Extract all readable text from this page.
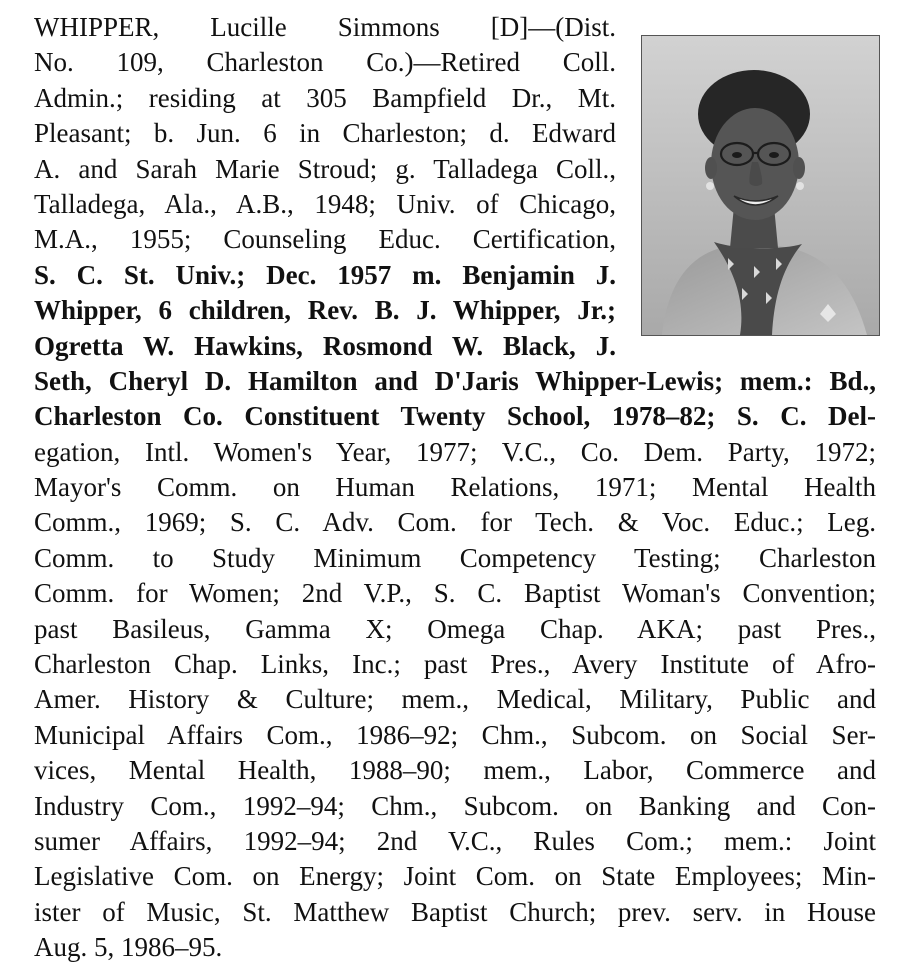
WHIPPER, Lucille Simmons [D]—(Dist.
No. 109, Charleston Co.)—Retired Coll.
Admin.; residing at 305 Bampfield Dr., Mt.
Pleasant; b. Jun. 6 in Charleston; d. Edward
A. and Sarah Marie Stroud; g. Talladega Coll.,
Talladega, Ala., A.B., 1948; Univ. of Chicago,
M.A., 1955; Counseling Educ. Certification,
S. C. St. Univ.; Dec. 1957 m. Benjamin J.
Whipper, 6 children, Rev. B. J. Whipper, Jr.;
Ogretta W. Hawkins, Rosmond W. Black, J.
Seth, Cheryl D. Hamilton and D'Jaris Whipper-Lewis; mem.: Bd.,
Charleston Co. Constituent Twenty School, 1978–82; S. C. Del-
egation, Intl. Women's Year, 1977; V.C., Co. Dem. Party, 1972;
Mayor's Comm. on Human Relations, 1971; Mental Health
Comm., 1969; S. C. Adv. Com. for Tech. & Voc. Educ.; Leg.
Comm. to Study Minimum Competency Testing; Charleston
Comm. for Women; 2nd V.P., S. C. Baptist Woman's Convention;
past Basileus, Gamma X; Omega Chap. AKA; past Pres.,
Charleston Chap. Links, Inc.; past Pres., Avery Institute of Afro-
Amer. History & Culture; mem., Medical, Military, Public and
Municipal Affairs Com., 1986–92; Chm., Subcom. on Social Ser-
vices, Mental Health, 1988–90; mem., Labor, Commerce and
Industry Com., 1992–94; Chm., Subcom. on Banking and Con-
sumer Affairs, 1992–94; 2nd V.C., Rules Com.; mem.: Joint
Legislative Com. on Energy; Joint Com. on State Employees; Min-
ister of Music, St. Matthew Baptist Church; prev. serv. in House
Aug. 5, 1986–95.
